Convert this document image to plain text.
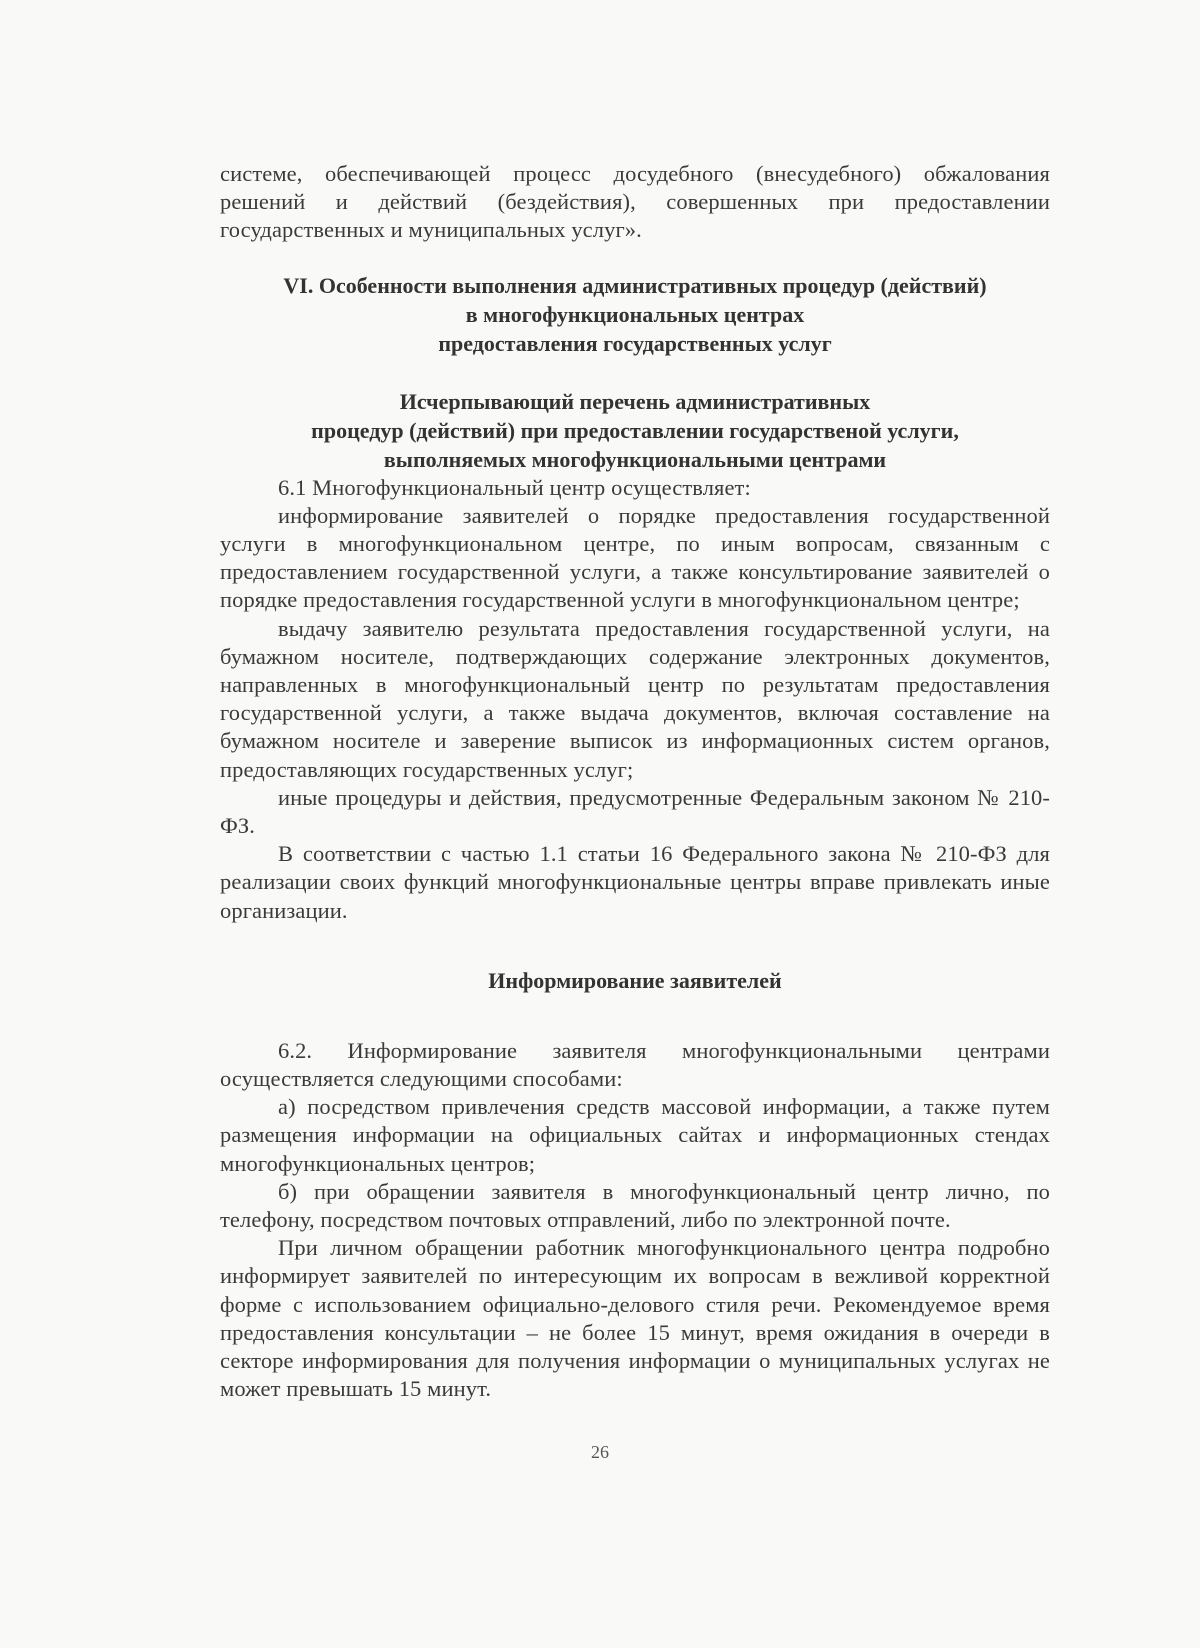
системе, обеспечивающей процесс досудебного (внесудебного) обжалования решений и действий (бездействия), совершенных при предоставлении государственных и муниципальных услуг».

VI. Особенности выполнения административных процедур (действий)
в многофункциональных центрах
предоставления государственных услуг
Исчерпывающий перечень административных
процедур (действий) при предоставлении государственой услуги,
выполняемых многофункциональными центрами

6.1 Многофункциональный центр осуществляет:

информирование заявителей о порядке предоставления государственной услуги в многофункциональном центре, по иным вопросам, связанным с предоставлением государственной услуги, а также консультирование заявителей о порядке предоставления государственной услуги в многофункциональном центре;

выдачу заявителю результата предоставления государственной услуги, на бумажном носителе, подтверждающих содержание электронных документов, направленных в многофункциональный центр по результатам предоставления государственной услуги, а также выдача документов, включая составление на бумажном носителе и заверение выписок из информационных систем органов, предоставляющих государственных услуг;

иные процедуры и действия, предусмотренные Федеральным законом № 210-ФЗ.

В соответствии с частью 1.1 статьи 16 Федерального закона № 210-ФЗ для реализации своих функций многофункциональные центры вправе привлекать иные организации.

Информирование заявителей

6.2. Информирование заявителя многофункциональными центрами осуществляется следующими способами:

а) посредством привлечения средств массовой информации, а также путем размещения информации на официальных сайтах и информационных стендах многофункциональных центров;

б) при обращении заявителя в многофункциональный центр лично, по телефону, посредством почтовых отправлений, либо по электронной почте.

При личном обращении работник многофункционального центра подробно информирует заявителей по интересующим их вопросам в вежливой корректной форме с использованием официально-делового стиля речи. Рекомендуемое время предоставления консультации – не более 15 минут, время ожидания в очереди в секторе информирования для получения информации о муниципальных услугах не может превышать 15 минут.

26
